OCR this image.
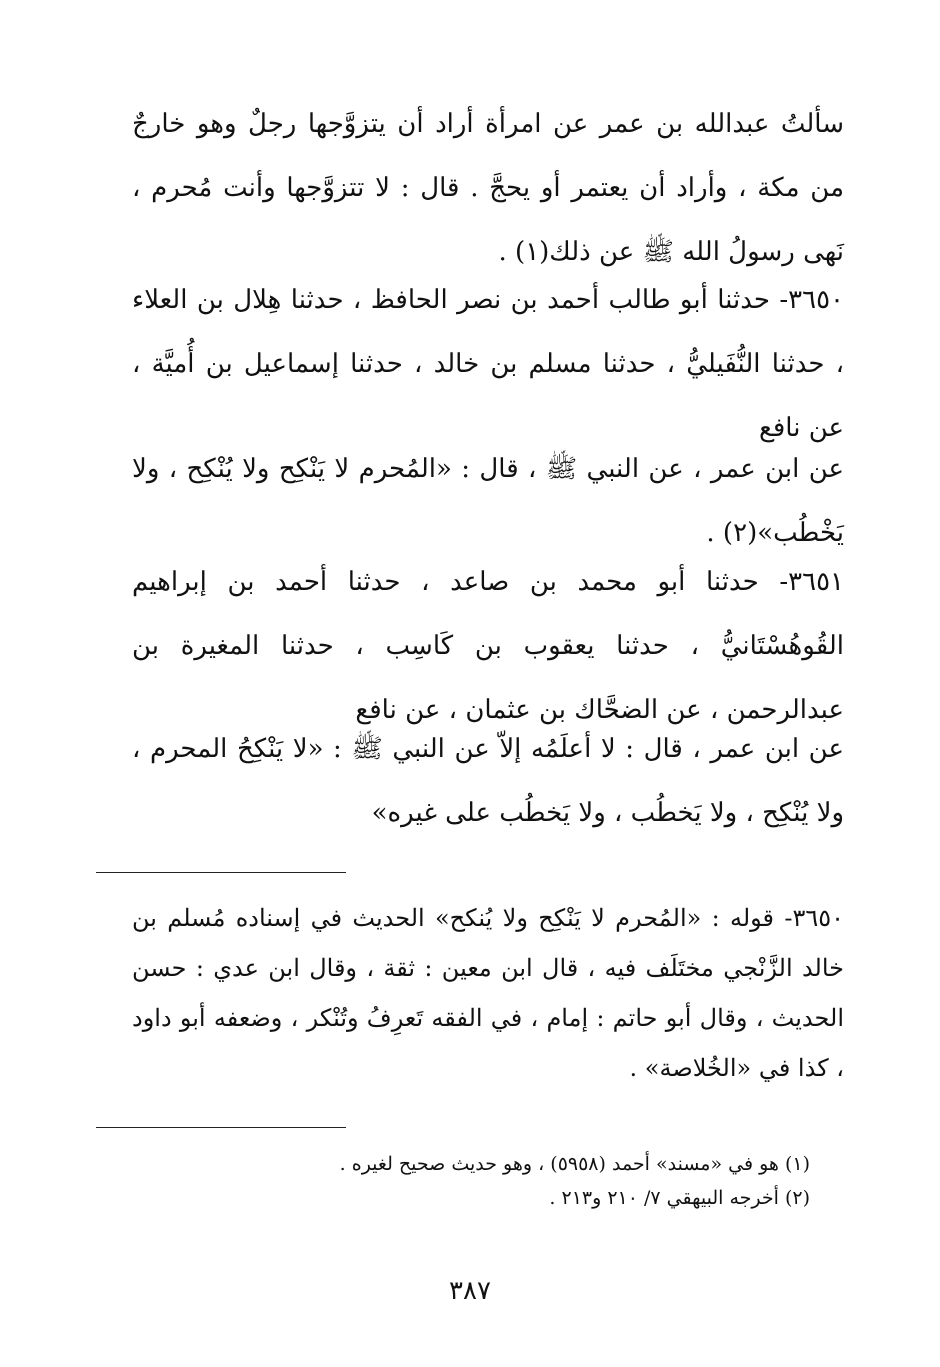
سألتُ عبدالله بن عمر عن امرأة أراد أن يتزوَّجها رجلٌ وهو خارجٌ من مكة ، وأراد أن يعتمر أو يحجَّ . قال : لا تتزوَّجها وأنت مُحرم ، نَهى رسولُ الله ﷺ عن ذلك(١) .
٣٦٥٠- حدثنا أبو طالب أحمد بن نصر الحافظ ، حدثنا هِلال بن العلاء ، حدثنا النُّفَيليُّ ، حدثنا مسلم بن خالد ، حدثنا إسماعيل بن أُميَّة ، عن نافع
عن ابن عمر ، عن النبي ﷺ ، قال : «المُحرم لا يَنْكِح ولا يُنْكِح ، ولا يَخْطُب»(٢) .
٣٦٥١- حدثنا أبو محمد بن صاعد ، حدثنا أحمد بن إبراهيم القُوهُسْتَانيُّ ، حدثنا يعقوب بن كَاسِب ، حدثنا المغيرة بن عبدالرحمن ، عن الضحَّاك بن عثمان ، عن نافع
عن ابن عمر ، قال : لا أعلَمُه إلاّ عن النبي ﷺ : «لا يَنْكِحُ المحرم ، ولا يُنْكِح ، ولا يَخطُب ، ولا يَخطُب على غيره»
٣٦٥٠- قوله : «المُحرم لا يَنْكِح ولا يُنكح» الحديث في إسناده مُسلم بن خالد الزَّنْجي مختَلَف فيه ، قال ابن معين : ثقة ، وقال ابن عدي : حسن الحديث ، وقال أبو حاتم : إمام ، في الفقه تَعرِفُ وتُنْكر ، وضعفه أبو داود ، كذا في «الخُلاصة» .
(١) هو في «مسند» أحمد (٥٩٥٨) ، وهو حديث صحيح لغيره .
(٢) أخرجه البيهقي ٧/ ٢١٠ و٢١٣ .
٣٨٧
